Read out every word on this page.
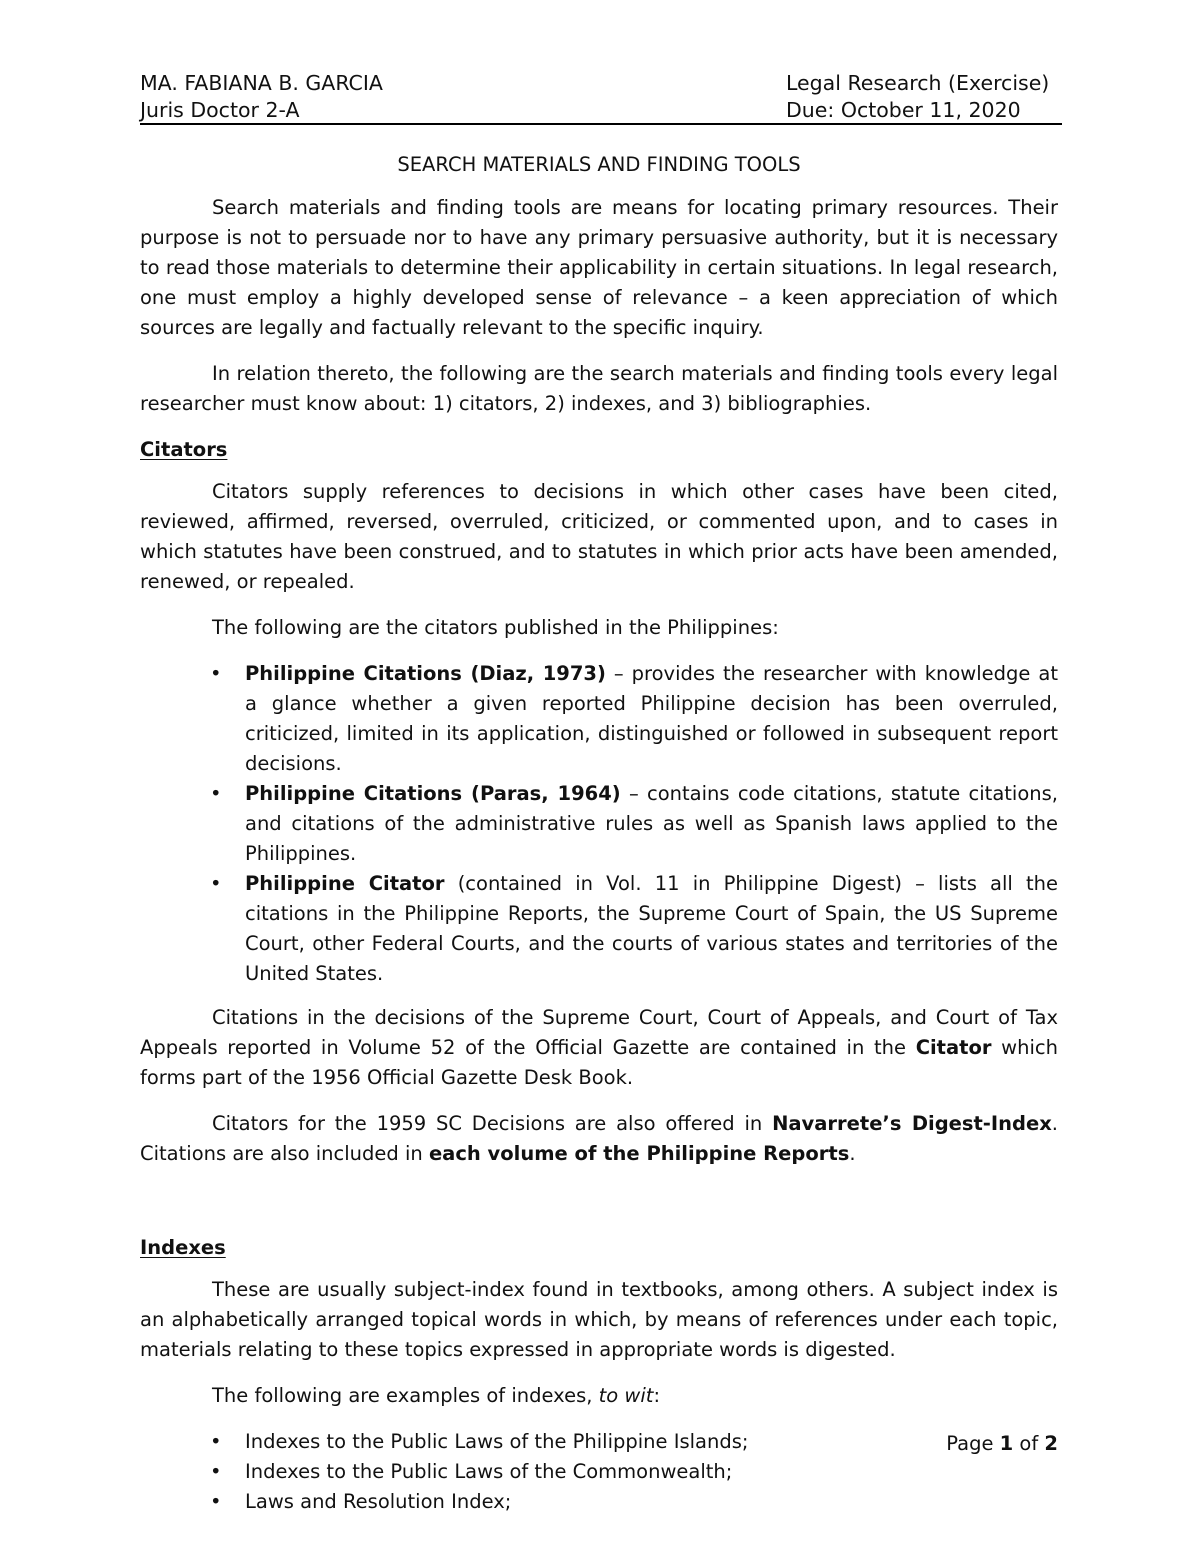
MA. FABIANA B. GARCIA	Legal Research (Exercise)
Juris Doctor 2-A	Due: October 11, 2020
SEARCH MATERIALS AND FINDING TOOLS

Search materials and finding tools are means for locating primary resources. Their purpose is not to persuade nor to have any primary persuasive authority, but it is necessary to read those materials to determine their applicability in certain situations. In legal research, one must employ a highly developed sense of relevance – a keen appreciation of which sources are legally and factually relevant to the specific inquiry.

In relation thereto, the following are the search materials and finding tools every legal researcher must know about: 1) citators, 2) indexes, and 3) bibliographies.

Citators

Citators supply references to decisions in which other cases have been cited, reviewed, affirmed, reversed, overruled, criticized, or commented upon, and to cases in which statutes have been construed, and to statutes in which prior acts have been amended, renewed, or repealed.

The following are the citators published in the Philippines:

• Philippine Citations (Diaz, 1973) – provides the researcher with knowledge at a glance whether a given reported Philippine decision has been overruled, criticized, limited in its application, distinguished or followed in subsequent report decisions.
• Philippine Citations (Paras, 1964) – contains code citations, statute citations, and citations of the administrative rules as well as Spanish laws applied to the Philippines.
• Philippine Citator (contained in Vol. 11 in Philippine Digest) – lists all the citations in the Philippine Reports, the Supreme Court of Spain, the US Supreme Court, other Federal Courts, and the courts of various states and territories of the United States.

Citations in the decisions of the Supreme Court, Court of Appeals, and Court of Tax Appeals reported in Volume 52 of the Official Gazette are contained in the Citator which forms part of the 1956 Official Gazette Desk Book.

Citators for the 1959 SC Decisions are also offered in Navarrete’s Digest-Index. Citations are also included in each volume of the Philippine Reports.

Indexes

These are usually subject-index found in textbooks, among others. A subject index is an alphabetically arranged topical words in which, by means of references under each topic, materials relating to these topics expressed in appropriate words is digested.

The following are examples of indexes, to wit:

• Indexes to the Public Laws of the Philippine Islands;
• Indexes to the Public Laws of the Commonwealth;
• Laws and Resolution Index;
Page 1 of 2
